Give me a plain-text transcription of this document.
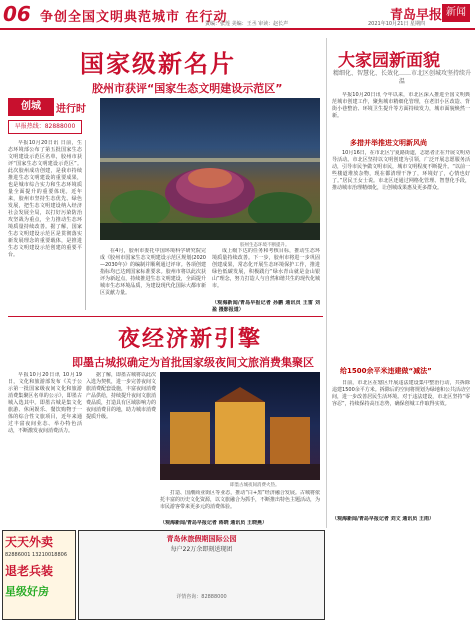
06 争创全国文明典范城市 在行动
责编：张莲 美编：王丞 审读：赵长声	2021年10月21日 星期四
青岛早报 新闻
国家级新名片
胶州市获评“国家生态文明建设示范区”
创城	进行时
早报热线：82888000

早报10月20日讯 日前，生态环境部公布了第五批国家生态文明建设示范区名单，胶州市获评“国家生态文明建设示范区”。此次胶州成功创建，是我市持续推进生态文明建设的重要成果，也是城市综合实力和生态环境质量全面提升的重要体现。近年来，胶州市坚持生态优先、绿色发展，把生态文明建设纳入经济社会发展全局，以打好污染防治攻坚战为重点，全力推动生态环境质量持续改善。据了解，国家生态文明建设示范区是贯彻落实新发展理念的重要载体，是推进生态文明建设示范创建的重要平台。

胶州生态环境不断提升。

在4月，胶州市委托中国环境科学研究院完成《胶州市国家生态文明建设示范区规划(2020—2030年)》的编制并顺利通过评审。各项创建指标均已达到国家标准要求。胶州市将以此次获评为新起点，持续推进生态文明建设，全面提升城市生态环境品质，为建设现代化国际大都市新区贡献力量。

成上级下达的任务和考核目标，推动生态环境质量持续改善。下一步，胶州市将进一步巩固创建成果，常态化开展生态环境保护工作，推进绿色低碳发展，积极践行“绿水青山就是金山银山”理念，努力打造人与自然和谐共生的现代化城市。

（观海新闻/青岛早报记者 孙鹏 通讯员 王雷 刘盈 摄影报道）
夜经济新引擎
即墨古城拟确定为首批国家级夜间文旅消费集聚区

早报10月20日讯 10月19日，文化和旅游部发布《关于公示第一批国家级夜间文化和旅游消费集聚区名单的公示》，即墨古城入选其中。即墨古城是集文化旅游、休闲娱乐、餐饮购物于一体的综合性文旅项目，近年来通过丰富夜间业态、举办特色活动，不断激发夜间消费活力。

据了解，即墨古城将以此次入选为契机，进一步完善夜间文旅消费配套设施，丰富夜间消费产品供给，持续提升夜间文旅消费品质，打造具有区域影响力的夜间消费目的地，助力城市消费提质升级。

即墨古城夜间消费火热。

打造、国潮商业街区等业态，推动“白+黑”经济融合发展。古城将依托丰富的历史文化资源，以文旅融合为抓手，不断推出特色主题活动，为市民游客带来更多元的消费体验。

（观海新闻/青岛早报记者 蒋晓 通讯员 王晓燕）
大家园新面貌
精细化、智慧化、长效化……市北区创城攻坚持续升温

早报10月20日讯 今年以来，市北区深入推进全国文明典范城市创建工作，聚焦城市精细化管理，在老旧小区改造、背街小巷整治、环境卫生提升等方面持续发力，城市面貌焕然一新。

多措并举推进文明新风尚

10月16日，在市北区宁夏路街道，志愿者正在开展文明劝导活动。市北区坚持以文明创建为引领，广泛开展志愿服务活动，引导市民争做文明市民，城市文明程度不断提升。“以前一些楼道堆放杂物，现在都清理干净了，环境好了，心情也好了。”居民王女士说。市北区还通过网格化管理、智慧化手段，推动城市治理精细化，让创城成果惠及更多群众。

给1500余平米违建做“减法”

日前，市北区在辖区开展违法建设集中整治行动，共拆除违建1500余平方米。拆除后的空间将规划为绿地和公共活动空间，进一步改善居民生活环境。对于违法建设，市北区坚持“零容忍”，持续保持高压态势，确保创城工作取得实效。

（观海新闻/青岛早报记者 刘文 通讯员 王雨）
天天外卖
82886001 13210018806
退老兵装
星级好房
青岛休旅假期国际公园
每户22万余即刻送现团
详情咨询：82888000
